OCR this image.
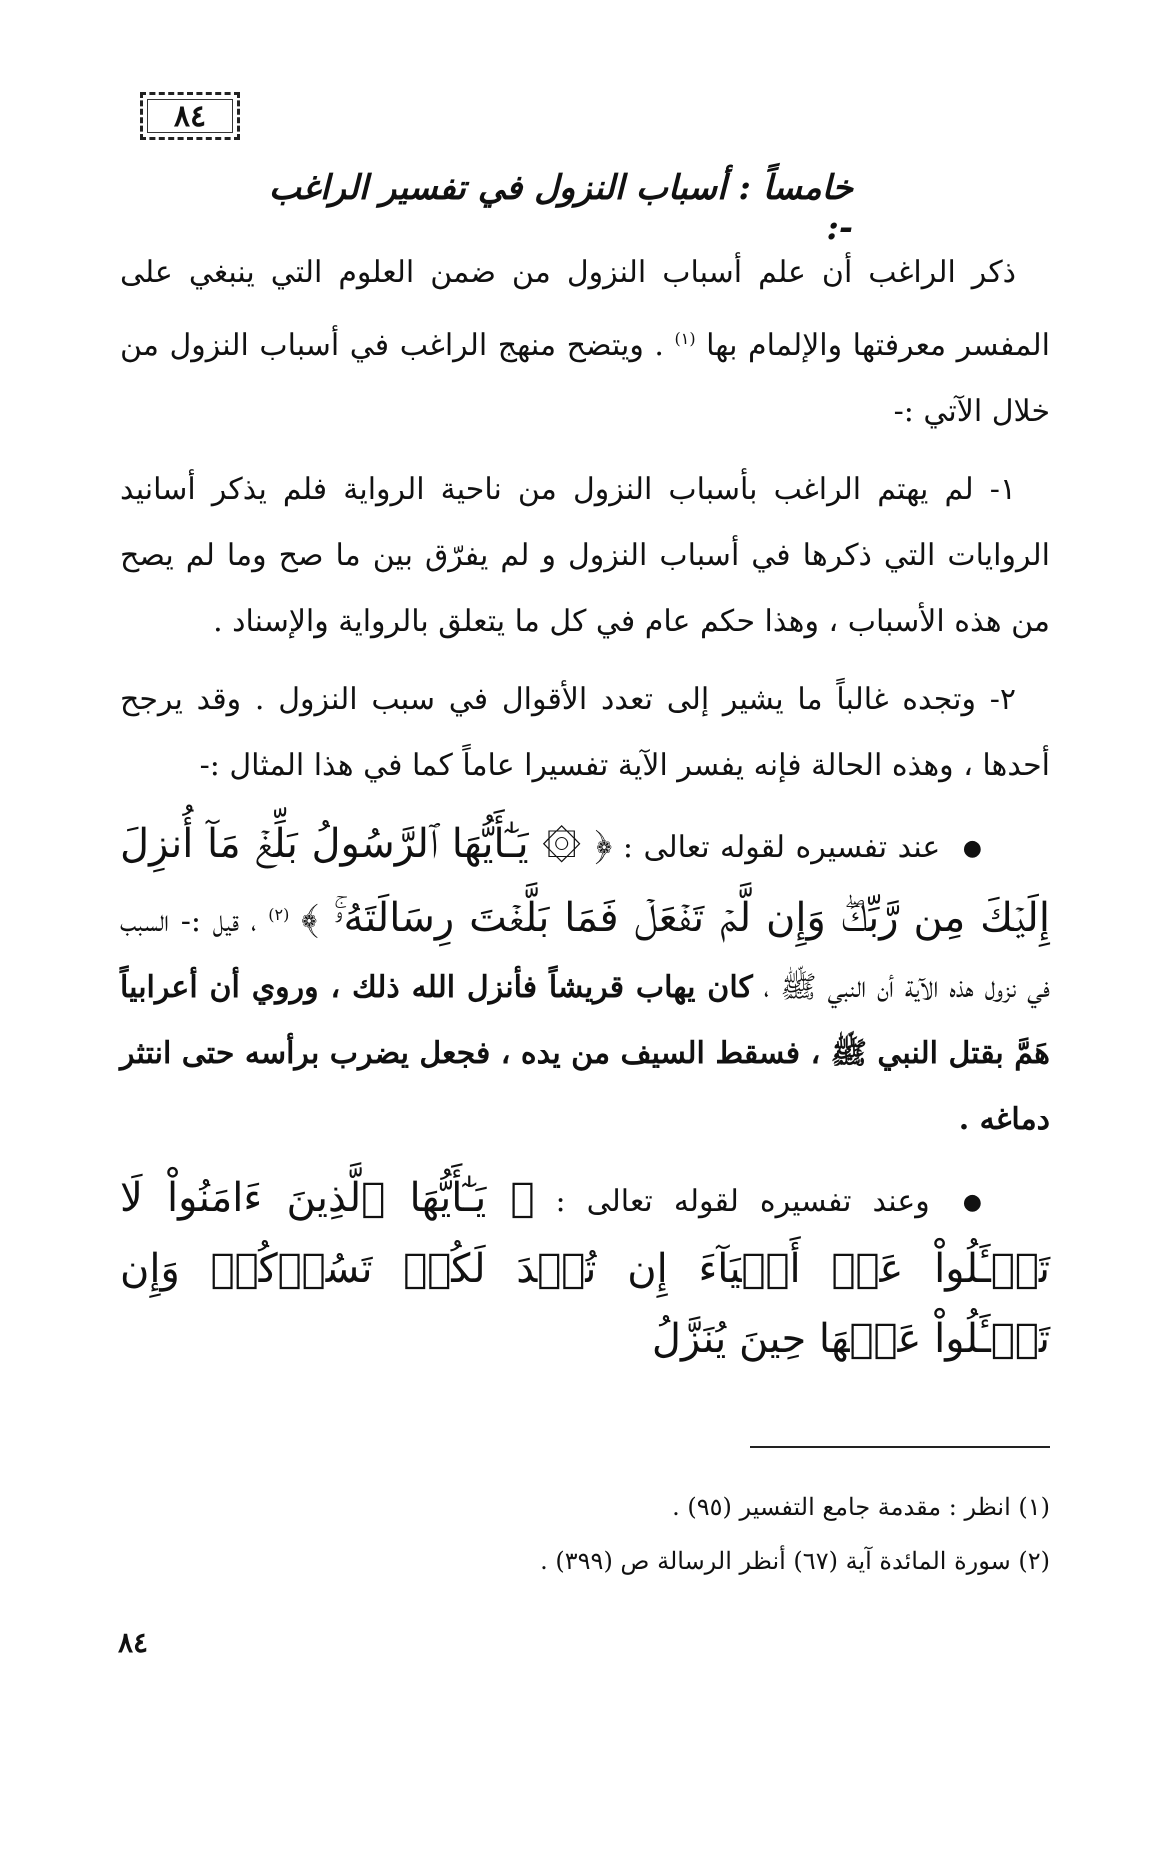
٨٤
خامساً : أسباب النزول في تفسير الراغب :-

ذكر الراغب أن علم أسباب النزول من ضمن العلوم التي ينبغي على المفسر معرفتها والإلمام بها $^{(١)}$ . ويتضح منهج الراغب في أسباب النزول من خلال الآتي :-

١- لم يهتم الراغب بأسباب النزول من ناحية الرواية فلم يذكر أسانيد الروايات التي ذكرها في أسباب النزول و لم يفرّق بين ما صح وما لم يصح من هذه الأسباب ، وهذا حكم عام في كل ما يتعلق بالرواية والإسناد .

٢- وتجده غالباً ما يشير إلى تعدد الأقوال في سبب النزول . وقد يرجح أحدها ، وهذه الحالة فإنه يفسر الآية تفسيرا عاماً كما في هذا المثال :-

● عند تفسيره لقوله تعالى : ﴿ ۞ يَـٰٓأَيُّهَا ٱلرَّسُولُ بَلِّغۡ مَآ أُنزِلَ إِلَيۡكَ مِن رَّبِّكَۖ وَإِن لَّمۡ تَفۡعَلۡ فَمَا بَلَّغۡتَ رِسَالَتَهُۥۚ ﴾ $^{(٢)}$ ، قيل :- السبب في نزول هذه الآية أن النبي ﷺ ، كان يهاب قريشاً فأنزل الله ذلك ، وروي أن أعرابياً هَمَّ بقتل النبي ﷺ ، فسقط السيف من يده ، فجعل يضرب برأسه حتى انتثر دماغه .

● وعند تفسيره لقوله تعالى : ﴿ يَـٰٓأَيُّهَا ٱلَّذِينَ ءَامَنُواْ لَا تَسۡـَٔلُواْ عَنۡ أَشۡيَآءَ إِن تُبۡدَ لَكُمۡ تَسُؤۡكُمۡ وَإِن تَسۡـَٔلُواْ عَنۡهَا حِينَ يُنَزَّلُ

(١) انظر : مقدمة جامع التفسير (٩٥) .

(٢) سورة المائدة آية (٦٧) أنظر الرسالة ص (٣٩٩) .

٨٤
